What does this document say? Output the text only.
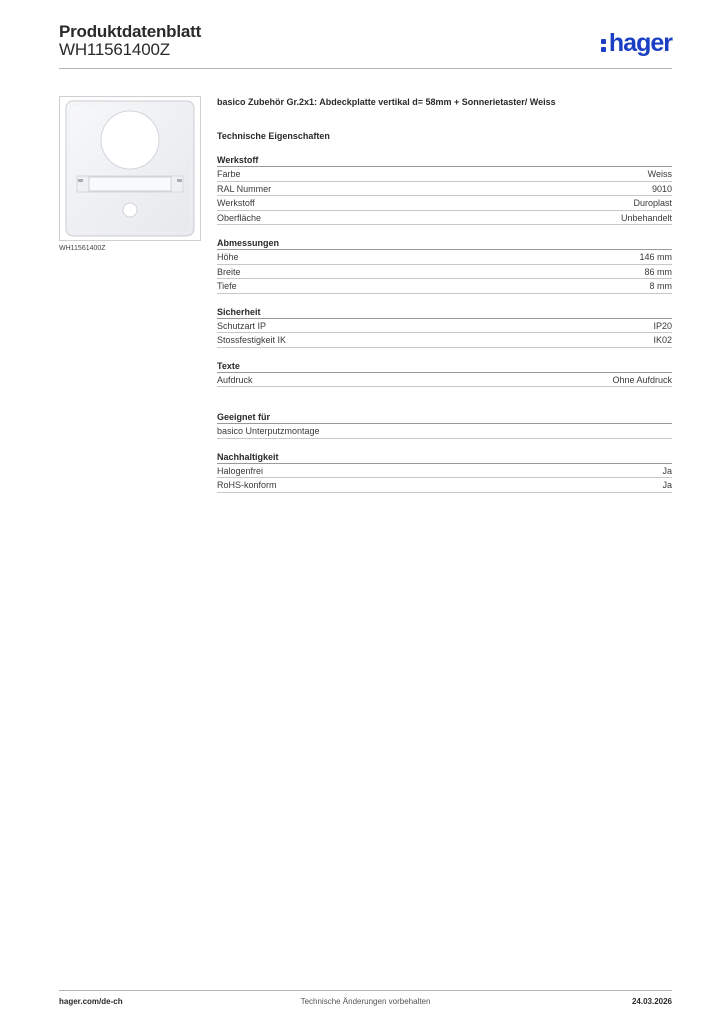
Produktdatenblatt
WH11561400Z	hager
WH11561400Z
basico Zubehör Gr.2x1: Abdeckplatte vertikal d= 58mm + Sonnerietaster/ Weiss
Technische Eigenschaften
Werkstoff
Farbe	Weiss
RAL Nummer	9010
Werkstoff	Duroplast
Oberfläche	Unbehandelt
Abmessungen
Höhe	146 mm
Breite	86 mm
Tiefe	8 mm
Sicherheit
Schutzart IP	IP20
Stossfestigkeit IK	IK02
Texte
Aufdruck	Ohne Aufdruck
Geeignet für
basico Unterputzmontage
Nachhaltigkeit
Halogenfrei	Ja
RoHS-konform	Ja
hager.com/de-ch	Technische Änderungen vorbehalten	24.03.2026
